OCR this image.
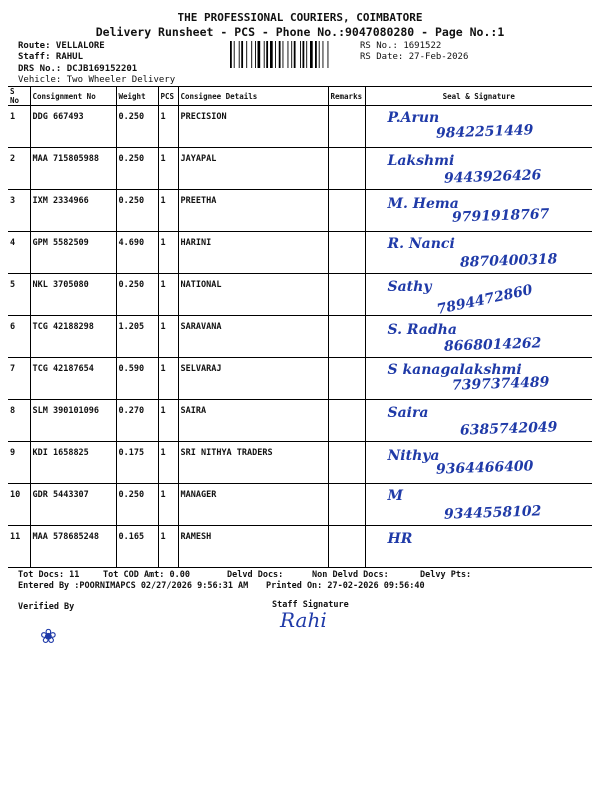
THE PROFESSIONAL COURIERS, COIMBATORE
Delivery Runsheet - PCS - Phone No.:9047080280 - Page No.:1
Route: VELLALORE
Staff: RAHUL
DRS No.: DCJB169152201
Vehicle: Two Wheeler Delivery
RS No.: 1691522
RS Date: 27-Feb-2026
S No	Consignment No	Weight	PCS	Consignee Details	Remarks	Seal & Signature
1	DDG 667493	0.250	1	PRECISION		P.Arun
9842251449

2	MAA 715805988	0.250	1	JAYAPAL		Lakshmi
9443926426

3	IXM 2334966	0.250	1	PREETHA		M. Hema
9791918767

4	GPM 5582509	4.690	1	HARINI		R. Nanci
8870400318

5	NKL 3705080	0.250	1	NATIONAL		Sathy 7894472860

6	TCG 42188298	1.205	1	SARAVANA		S. Radha
8668014262

7	TCG 42187654	0.590	1	SELVARAJ		S kanagalakshmi
7397374489

8	SLM 390101096	0.270	1	SAIRA		Saira
6385742049

9	KDI 1658825	0.175	1	SRI NITHYA TRADERS		Nithya
9364466400

10	GDR 5443307	0.250	1	MANAGER		M
9344558102

11	MAA 578685248	0.165	1	RAMESH		HR
Tot Docs: 11	Tot COD Amt: 0.00	Delvd Docs:	Non Delvd Docs:	Delvy Pts:
Entered By :POORNIMAPCS 02/27/2026 9:56:31 AM Printed On: 27-02-2026 09:56:40
Verified By	Staff Signature
❀
Rahi
